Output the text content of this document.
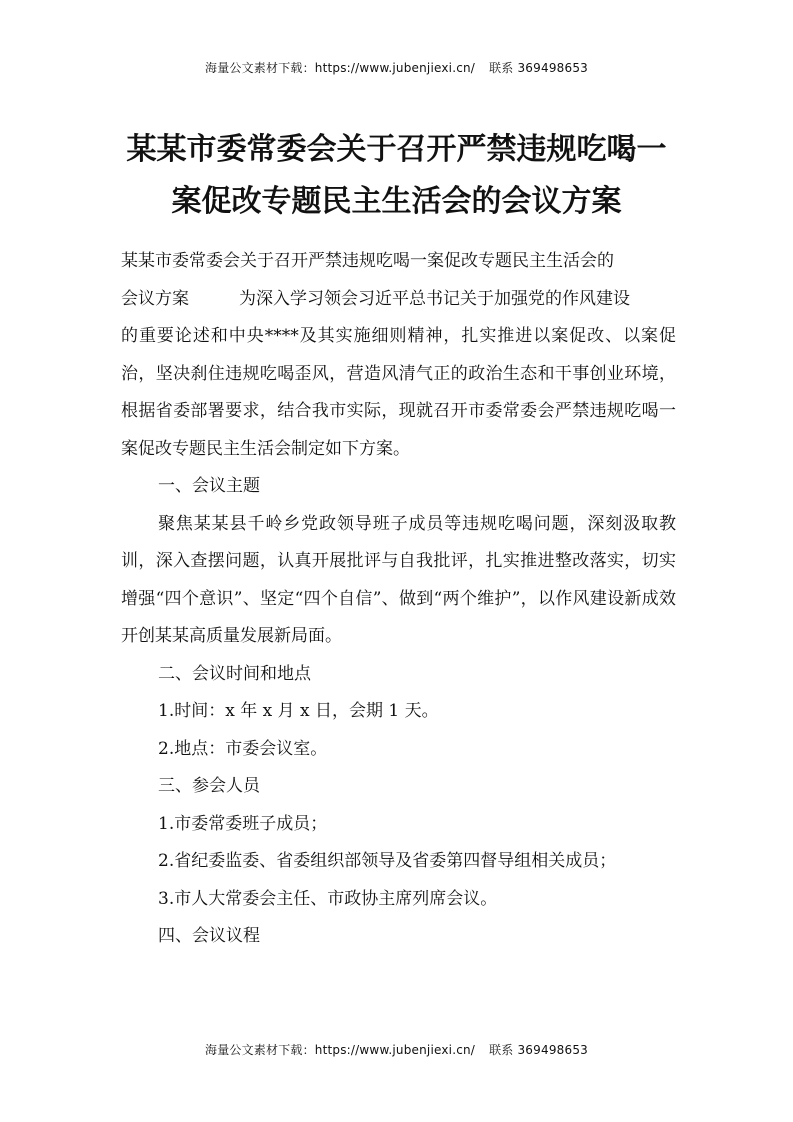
海量公文素材下载：https://www.jubenjiexi.cn/ 联系 369498653
某某市委常委会关于召开严禁违规吃喝一
案促改专题民主生活会的会议方案

某某市委常委会关于召开严禁违规吃喝一案促改专题民主生活会的
会议方案	为深入学习领会习近平总书记关于加强党的作风建设
的重要论述和中央****及其实施细则精神，扎实推进以案促改、以案促治，坚决刹住违规吃喝歪风，营造风清气正的政治生态和干事创业环境，根据省委部署要求，结合我市实际，现就召开市委常委会严禁违规吃喝一案促改专题民主生活会制定如下方案。

一、会议主题

聚焦某某县千岭乡党政领导班子成员等违规吃喝问题，深刻汲取教训，深入查摆问题，认真开展批评与自我批评，扎实推进整改落实，切实增强“四个意识”、坚定“四个自信”、做到“两个维护”，以作风建设新成效开创某某高质量发展新局面。

二、会议时间和地点

1.时间：x 年 x 月 x 日，会期 1 天。

2.地点：市委会议室。

三、参会人员

1.市委常委班子成员；

2.省纪委监委、省委组织部领导及省委第四督导组相关成员；

3.市人大常委会主任、市政协主席列席会议。

四、会议议程

海量公文素材下载：https://www.jubenjiexi.cn/ 联系 369498653
